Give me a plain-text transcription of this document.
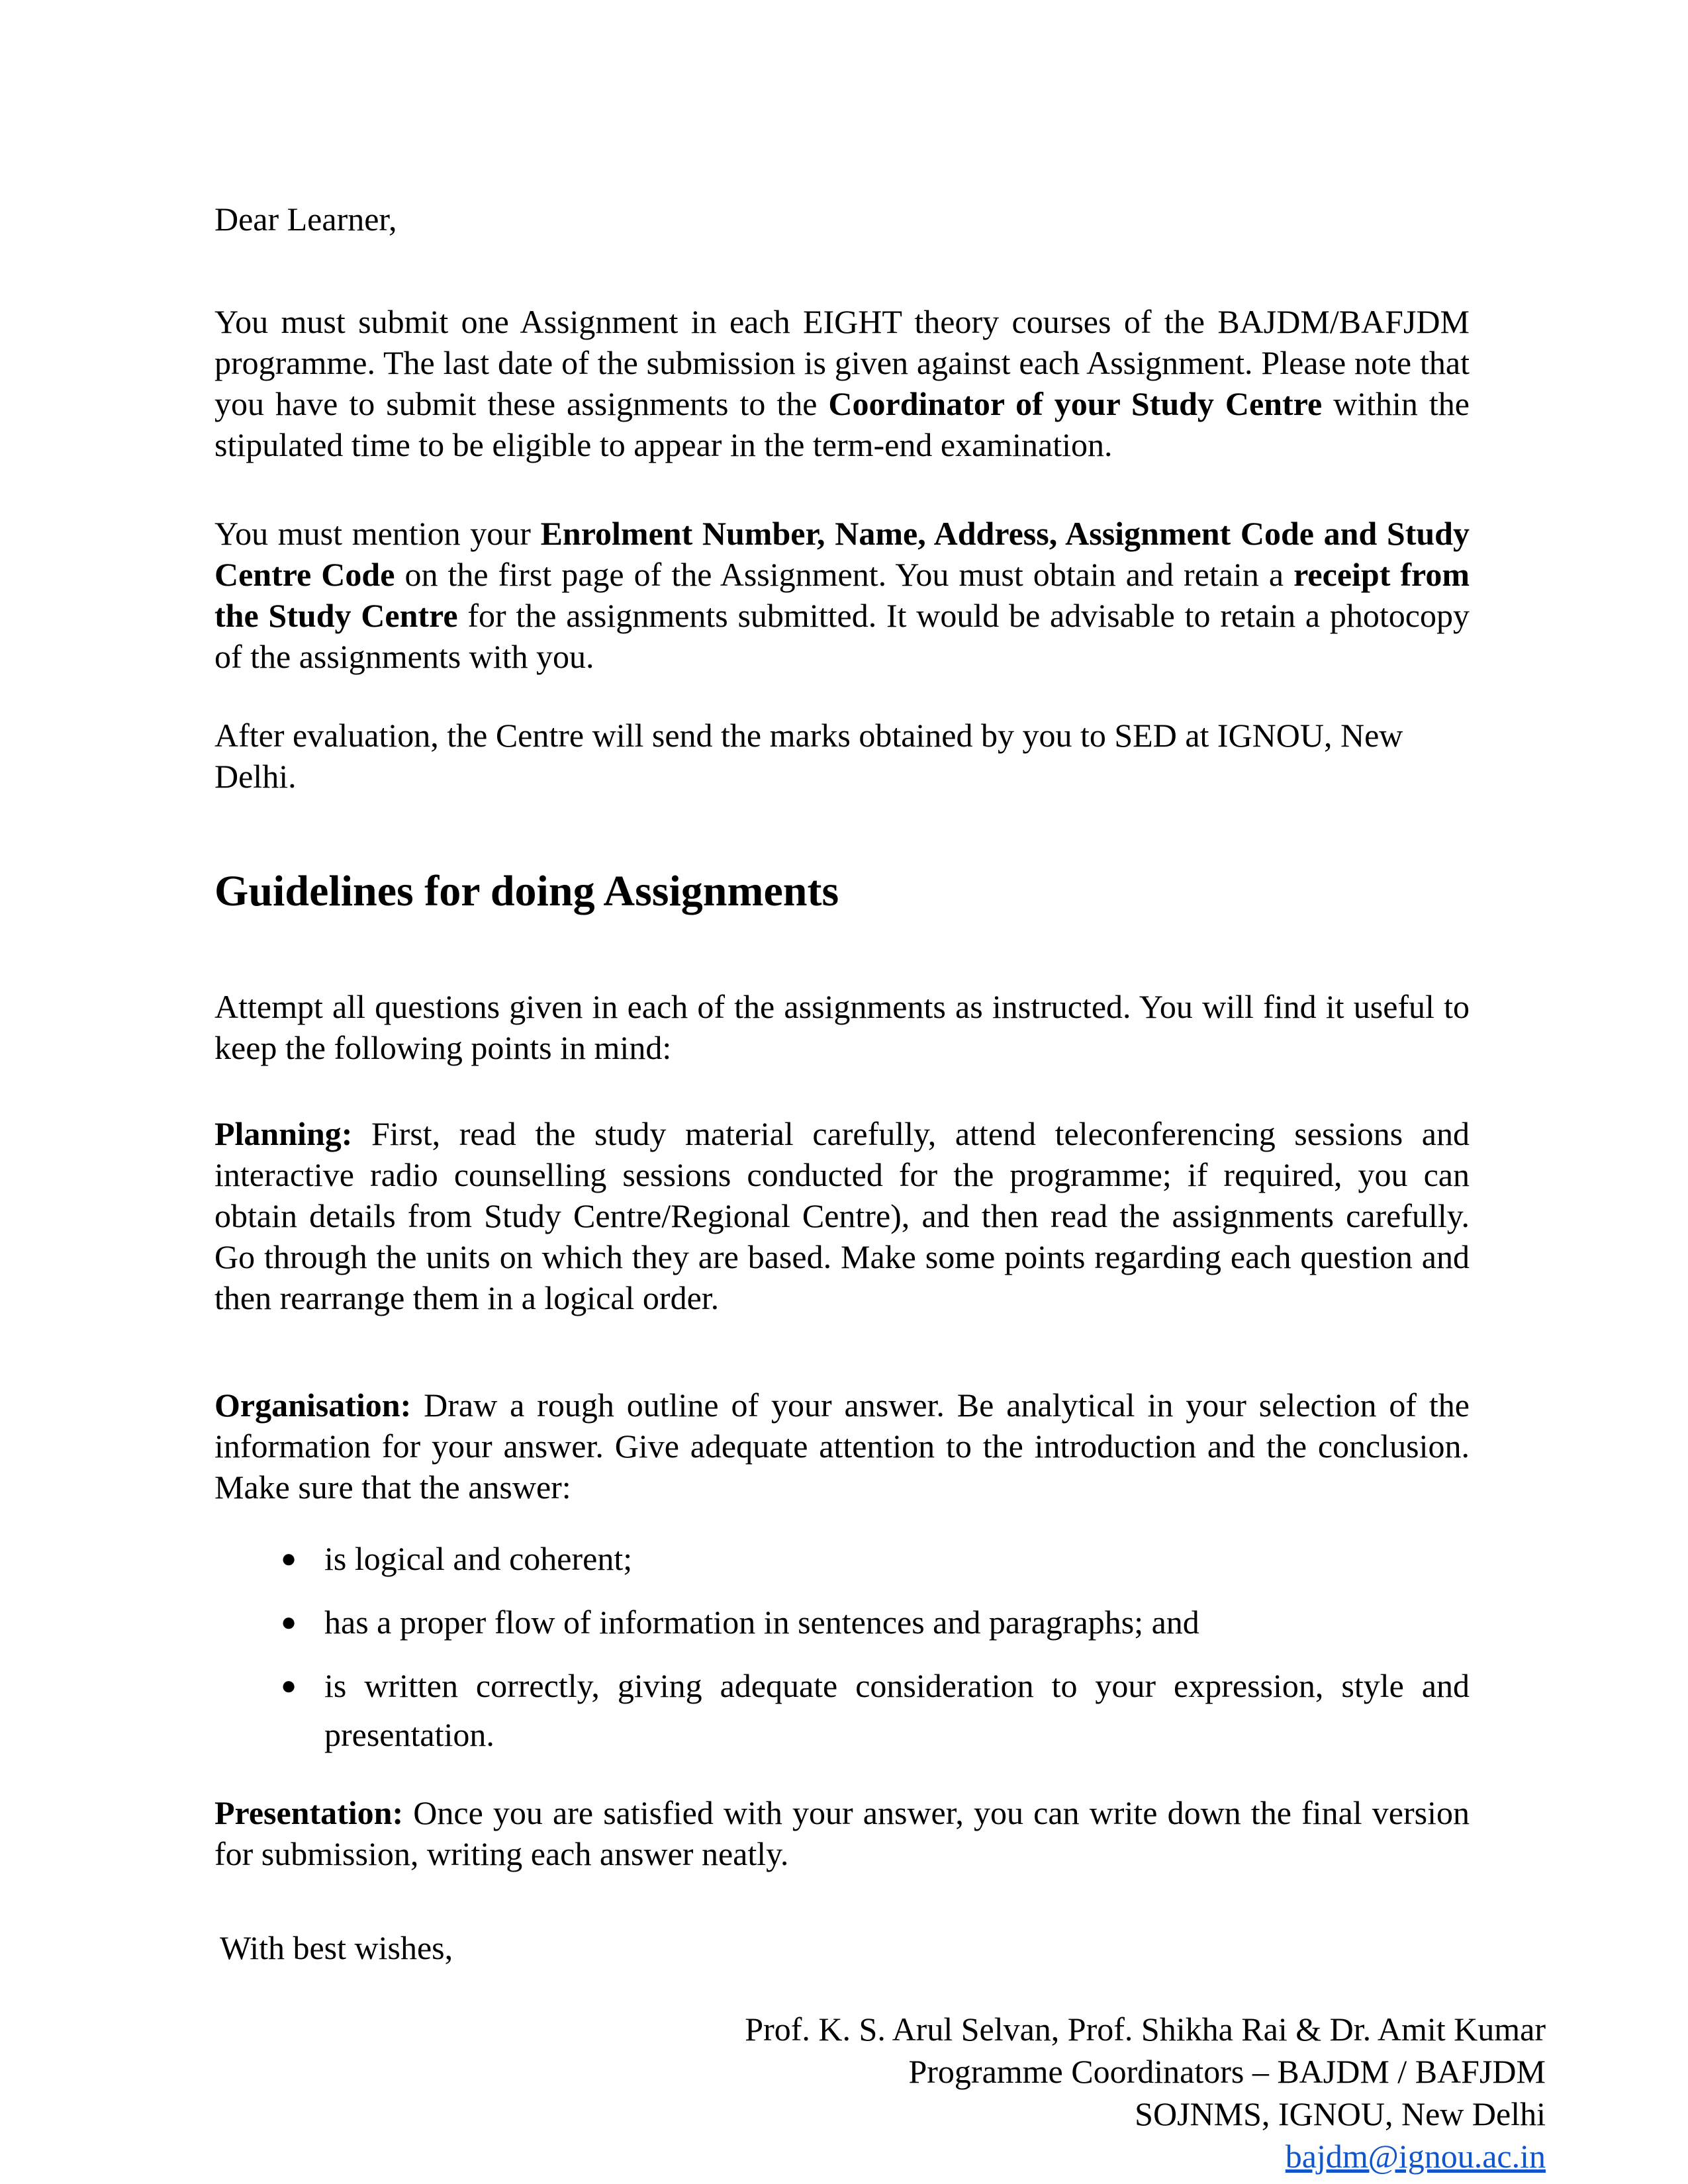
Dear Learner,
You must submit one Assignment in each EIGHT theory courses of the BAJDM/BAFJDM programme. The last date of the submission is given against each Assignment. Please note that you have to submit these assignments to the Coordinator of your Study Centre within the stipulated time to be eligible to appear in the term-end examination.
You must mention your Enrolment Number, Name, Address, Assignment Code and Study Centre Code on the first page of the Assignment. You must obtain and retain a receipt from the Study Centre for the assignments submitted. It would be advisable to retain a photocopy of the assignments with you.
After evaluation, the Centre will send the marks obtained by you to SED at IGNOU, New Delhi.
Guidelines for doing Assignments
Attempt all questions given in each of the assignments as instructed. You will find it useful to keep the following points in mind:
Planning: First, read the study material carefully, attend teleconferencing sessions and interactive radio counselling sessions conducted for the programme; if required, you can obtain details from Study Centre/Regional Centre), and then read the assignments carefully. Go through the units on which they are based. Make some points regarding each question and then rearrange them in a logical order.
Organisation: Draw a rough outline of your answer. Be analytical in your selection of the information for your answer. Give adequate attention to the introduction and the conclusion. Make sure that the answer:
● is logical and coherent;
● has a proper flow of information in sentences and paragraphs; and
● is written correctly, giving adequate consideration to your expression, style and presentation.
Presentation: Once you are satisfied with your answer, you can write down the final version for submission, writing each answer neatly.
With best wishes,
Prof. K. S. Arul Selvan, Prof. Shikha Rai & Dr. Amit Kumar
Programme Coordinators – BAJDM / BAFJDM
SOJNMS, IGNOU, New Delhi
bajdm@ignou.ac.in
